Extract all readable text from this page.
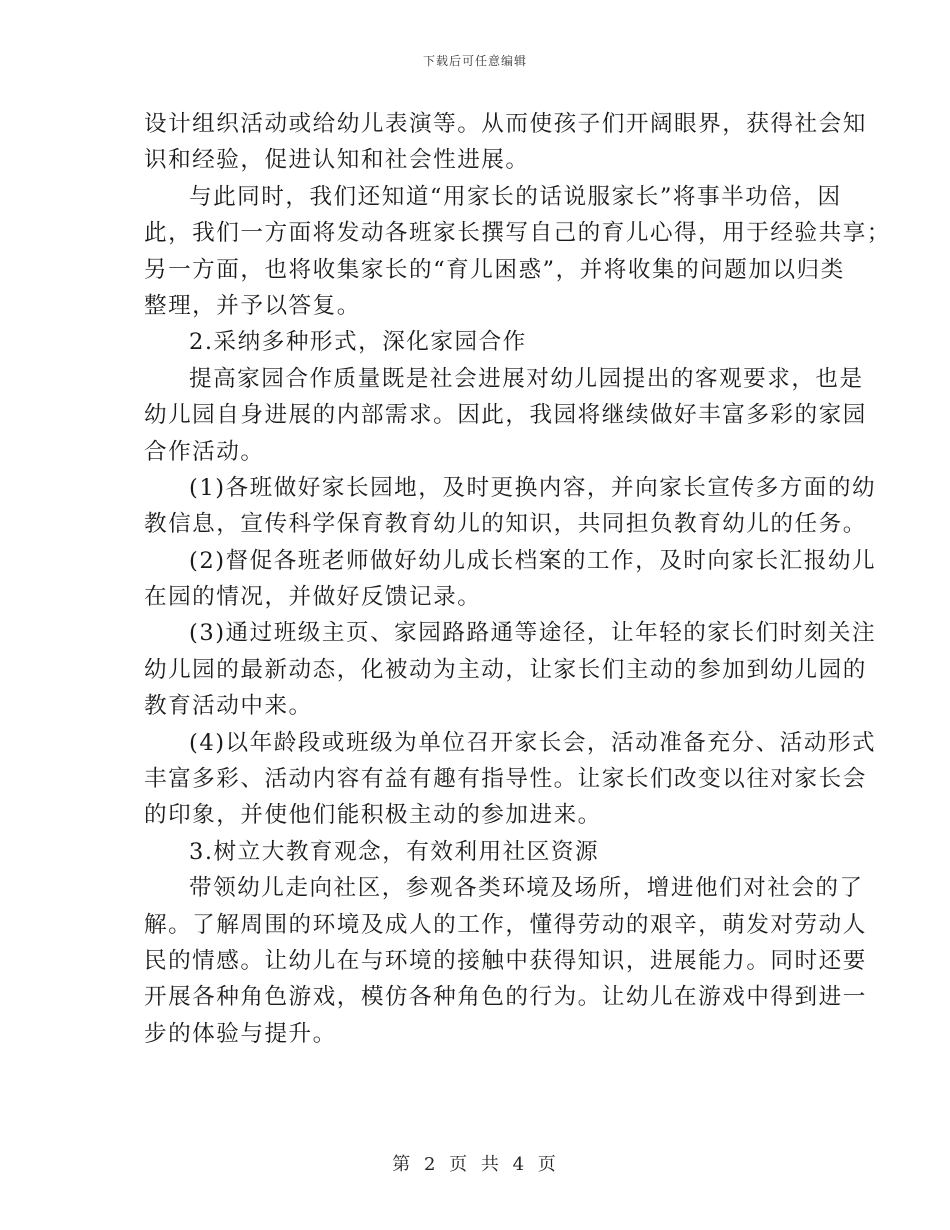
下载后可任意编辑
设计组织活动或给幼儿表演等。从而使孩子们开阔眼界，获得社会知
识和经验，促进认知和社会性进展。
与此同时，我们还知道“用家长的话说服家长”将事半功倍，因
此，我们一方面将发动各班家长撰写自己的育儿心得，用于经验共享；
另一方面，也将收集家长的“育儿困惑”，并将收集的问题加以归类
整理，并予以答复。
2.采纳多种形式，深化家园合作
提高家园合作质量既是社会进展对幼儿园提出的客观要求，也是
幼儿园自身进展的内部需求。因此，我园将继续做好丰富多彩的家园
合作活动。
(1)各班做好家长园地，及时更换内容，并向家长宣传多方面的幼
教信息，宣传科学保育教育幼儿的知识，共同担负教育幼儿的任务。
(2)督促各班老师做好幼儿成长档案的工作，及时向家长汇报幼儿
在园的情况，并做好反馈记录。
(3)通过班级主页、家园路路通等途径，让年轻的家长们时刻关注
幼儿园的最新动态，化被动为主动，让家长们主动的参加到幼儿园的
教育活动中来。
(4)以年龄段或班级为单位召开家长会，活动准备充分、活动形式
丰富多彩、活动内容有益有趣有指导性。让家长们改变以往对家长会
的印象，并使他们能积极主动的参加进来。
3.树立大教育观念，有效利用社区资源
带领幼儿走向社区，参观各类环境及场所，增进他们对社会的了
解。了解周围的环境及成人的工作，懂得劳动的艰辛，萌发对劳动人
民的情感。让幼儿在与环境的接触中获得知识，进展能力。同时还要
开展各种角色游戏，模仿各种角色的行为。让幼儿在游戏中得到进一
步的体验与提升。
第 2 页 共 4 页
